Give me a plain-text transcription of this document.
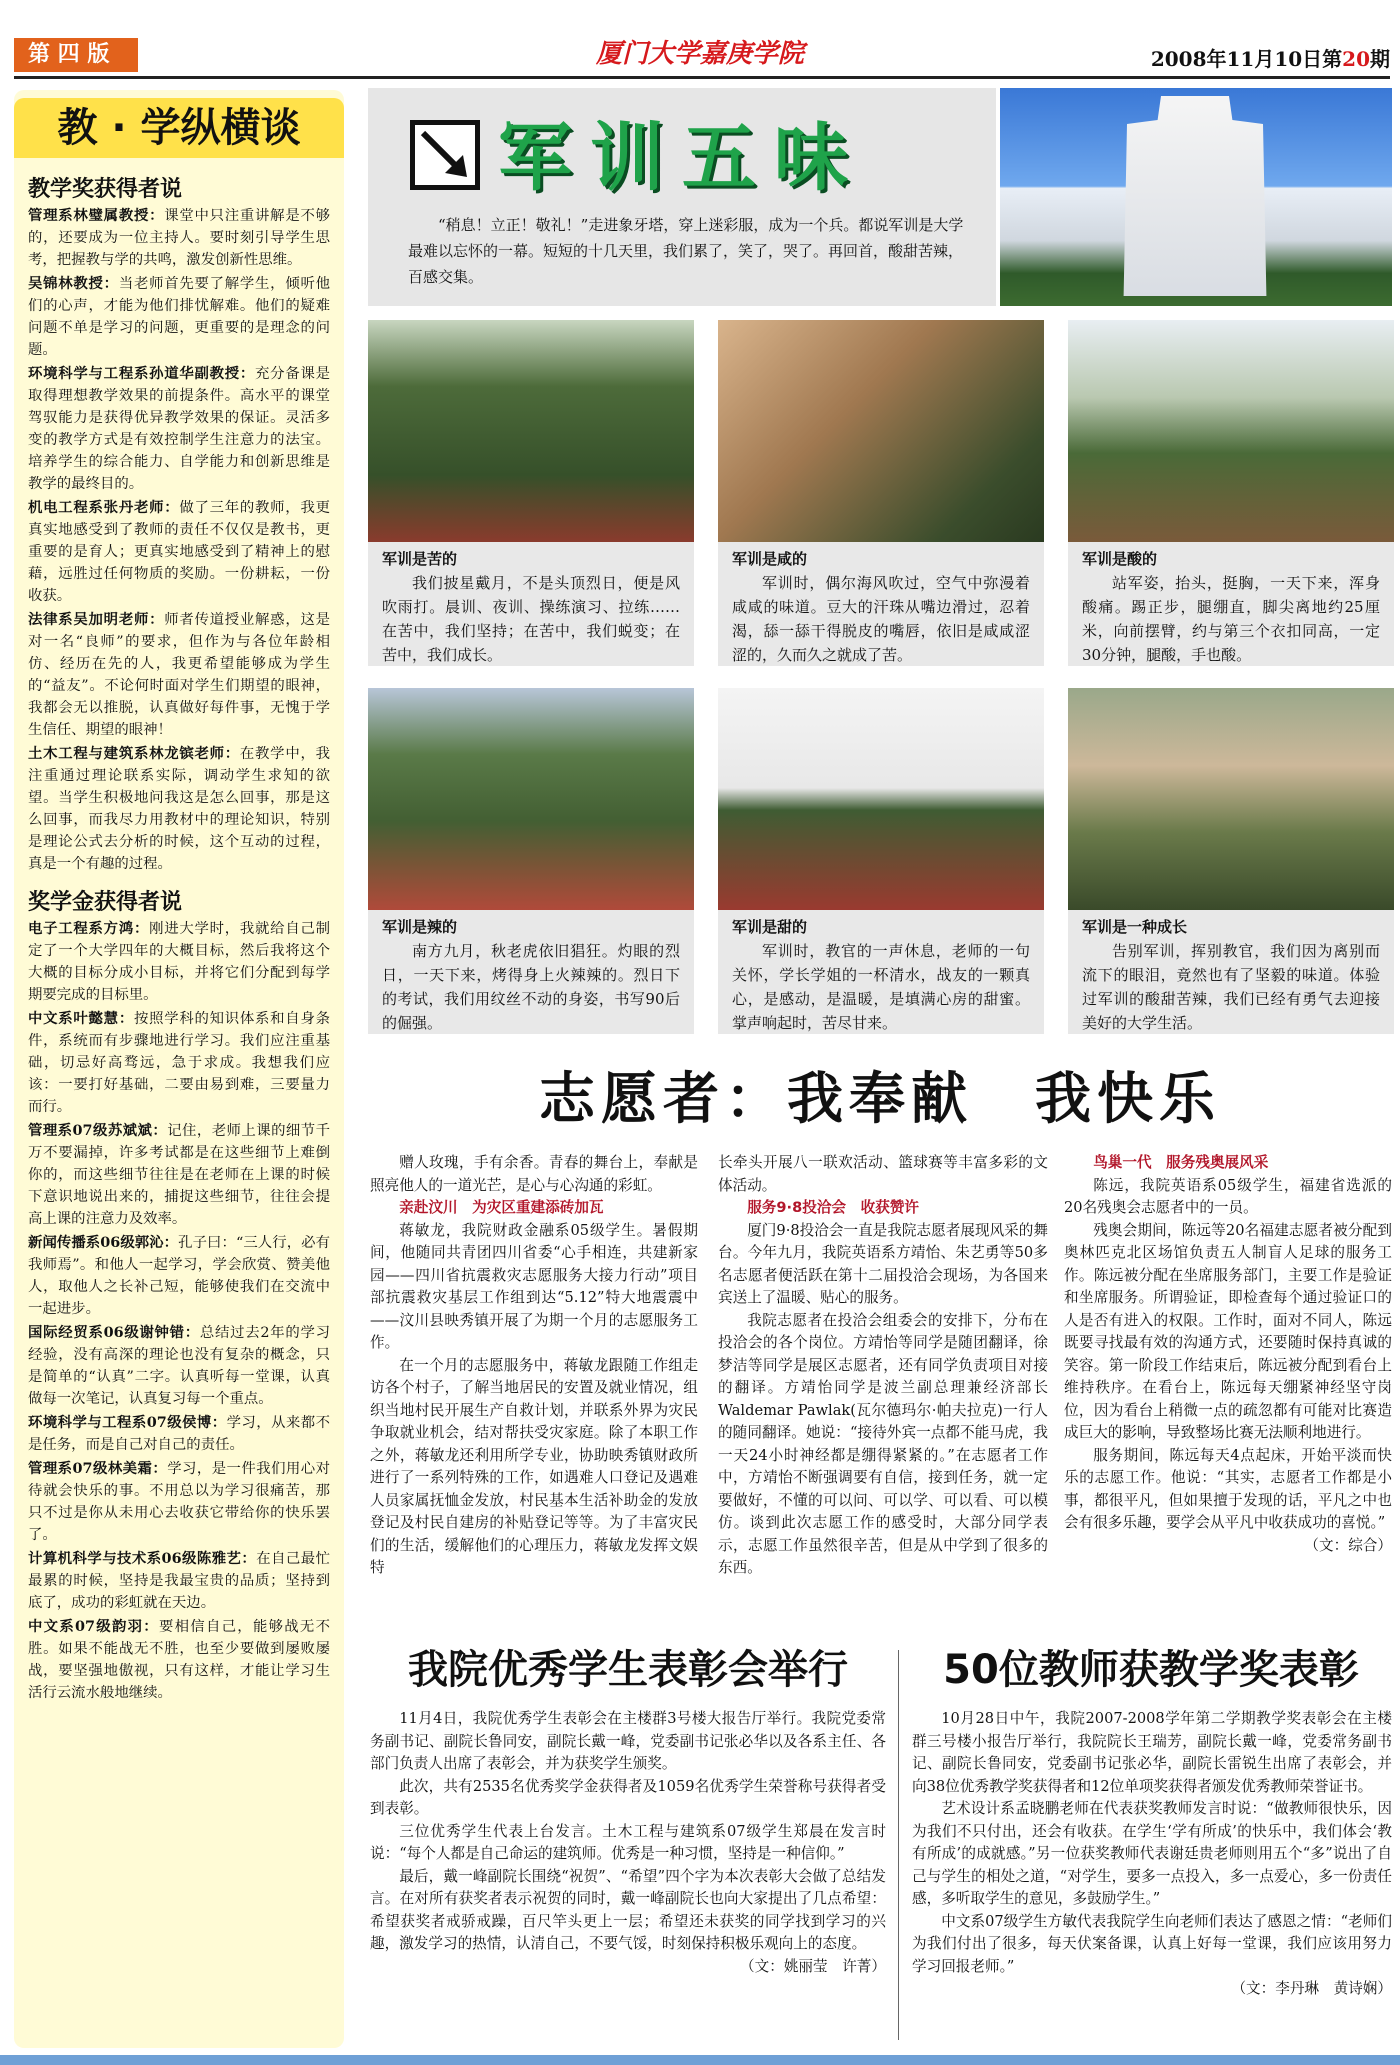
第 四 版	厦门大学嘉庚学院	2008年11月10日第20期
教 · 学纵横谈
教学奖获得者说
管理系林璧属教授：课堂中只注重讲解是不够的，还要成为一位主持人。要时刻引导学生思考，把握教与学的共鸣，激发创新性思维。
吴锦林教授：当老师首先要了解学生，倾听他们的心声，才能为他们排忧解难。他们的疑难问题不单是学习的问题，更重要的是理念的问题。
环境科学与工程系孙道华副教授：充分备课是取得理想教学效果的前提条件。高水平的课堂驾驭能力是获得优异教学效果的保证。灵活多变的教学方式是有效控制学生注意力的法宝。培养学生的综合能力、自学能力和创新思维是教学的最终目的。
机电工程系张丹老师：做了三年的教师，我更真实地感受到了教师的责任不仅仅是教书，更重要的是育人；更真实地感受到了精神上的慰藉，远胜过任何物质的奖励。一份耕耘，一份收获。
法律系吴加明老师：师者传道授业解惑，这是对一名“良师”的要求，但作为与各位年龄相仿、经历在先的人，我更希望能够成为学生的“益友”。不论何时面对学生们期望的眼神，我都会无以推脱，认真做好每件事，无愧于学生信任、期望的眼神！
土木工程与建筑系林龙镔老师：在教学中，我注重通过理论联系实际，调动学生求知的欲望。当学生积极地问我这是怎么回事，那是这么回事，而我尽力用教材中的理论知识，特别是理论公式去分析的时候，这个互动的过程，真是一个有趣的过程。
奖学金获得者说
电子工程系方鸿：刚进大学时，我就给自己制定了一个大学四年的大概目标，然后我将这个大概的目标分成小目标，并将它们分配到每学期要完成的目标里。
中文系叶懿慧：按照学科的知识体系和自身条件，系统而有步骤地进行学习。我们应注重基础，切忌好高骛远，急于求成。我想我们应该：一要打好基础，二要由易到难，三要量力而行。
管理系07级苏斌斌：记住，老师上课的细节千万不要漏掉，许多考试都是在这些细节上难倒你的，而这些细节往往是在老师在上课的时候下意识地说出来的，捕捉这些细节，往往会提高上课的注意力及效率。
新闻传播系06级郭沁：孔子曰：“三人行，必有我师焉”。和他人一起学习，学会欣赏、赞美他人，取他人之长补己短，能够使我们在交流中一起进步。
国际经贸系06级谢钟错：总结过去2年的学习经验，没有高深的理论也没有复杂的概念，只是简单的“认真”二字。认真听每一堂课，认真做每一次笔记，认真复习每一个重点。
环境科学与工程系07级侯博：学习，从来都不是任务，而是自己对自己的责任。
管理系07级林美霜：学习，是一件我们用心对待就会快乐的事。不用总以为学习很痛苦，那只不过是你从未用心去收获它带给你的快乐罢了。
计算机科学与技术系06级陈雅艺：在自己最忙最累的时候，坚持是我最宝贵的品质；坚持到底了，成功的彩虹就在天边。
中文系07级韵羽：要相信自己，能够战无不胜。如果不能战无不胜，也至少要做到屡败屡战，要坚强地傲视，只有这样，才能让学习生活行云流水般地继续。
军训五味
“稍息！立正！敬礼！”走进象牙塔，穿上迷彩服，成为一个兵。都说军训是大学最难以忘怀的一幕。短短的十几天里，我们累了，笑了，哭了。再回首，酸甜苦辣，百感交集。
军训是苦的
我们披星戴月，不是头顶烈日，便是风吹雨打。晨训、夜训、操练演习、拉练……在苦中，我们坚持；在苦中，我们蜕变；在苦中，我们成长。
军训是咸的
军训时，偶尔海风吹过，空气中弥漫着咸咸的味道。豆大的汗珠从嘴边滑过，忍着渴，舔一舔干得脱皮的嘴唇，依旧是咸咸涩涩的，久而久之就成了苦。
军训是酸的
站军姿，抬头，挺胸，一天下来，浑身酸痛。踢正步，腿绷直，脚尖离地约25厘米，向前摆臂，约与第三个衣扣同高，一定30分钟，腿酸，手也酸。
军训是辣的
南方九月，秋老虎依旧猖狂。灼眼的烈日，一天下来，烤得身上火辣辣的。烈日下的考试，我们用纹丝不动的身姿，书写90后的倔强。
军训是甜的
军训时，教官的一声休息，老师的一句关怀，学长学姐的一杯清水，战友的一颗真心，是感动，是温暖，是填满心房的甜蜜。掌声响起时，苦尽甘来。
军训是一种成长
告别军训，挥别教官，我们因为离别而流下的眼泪，竟然也有了坚毅的味道。体验过军训的酸甜苦辣，我们已经有勇气去迎接美好的大学生活。
志愿者：我奉献　我快乐

赠人玫瑰，手有余香。青春的舞台上，奉献是照亮他人的一道光芒，是心与心沟通的彩虹。

亲赴汶川　为灾区重建添砖加瓦

蒋敏龙，我院财政金融系05级学生。暑假期间，他随同共青团四川省委“心手相连，共建新家园——四川省抗震救灾志愿服务大接力行动”项目部抗震救灾基层工作组到达“5.12”特大地震震中——汶川县映秀镇开展了为期一个月的志愿服务工作。

在一个月的志愿服务中，蒋敏龙跟随工作组走访各个村子，了解当地居民的安置及就业情况，组织当地村民开展生产自救计划，并联系外界为灾民争取就业机会，结对帮扶受灾家庭。除了本职工作之外，蒋敏龙还利用所学专业，协助映秀镇财政所进行了一系列特殊的工作，如遇难人口登记及遇难人员家属抚恤金发放，村民基本生活补助金的发放登记及村民自建房的补贴登记等等。为了丰富灾民们的生活，缓解他们的心理压力，蒋敏龙发挥文娱特

长牵头开展八一联欢活动、篮球赛等丰富多彩的文体活动。

服务9·8投洽会　收获赞许

厦门9·8投洽会一直是我院志愿者展现风采的舞台。今年九月，我院英语系方靖怡、朱艺勇等50多名志愿者便活跃在第十二届投洽会现场，为各国来宾送上了温暖、贴心的服务。

我院志愿者在投洽会组委会的安排下，分布在投洽会的各个岗位。方靖怡等同学是随团翻译，徐梦洁等同学是展区志愿者，还有同学负责项目对接的翻译。方靖怡同学是波兰副总理兼经济部长Waldemar Pawlak(瓦尔德玛尔·帕夫拉克)一行人的随同翻译。她说：“接待外宾一点都不能马虎，我一天24小时神经都是绷得紧紧的。”在志愿者工作中，方靖怡不断强调要有自信，接到任务，就一定要做好，不懂的可以问、可以学、可以看、可以模仿。谈到此次志愿工作的感受时，大部分同学表示，志愿工作虽然很辛苦，但是从中学到了很多的东西。

鸟巢一代　服务残奥展风采

陈远，我院英语系05级学生，福建省选派的20名残奥会志愿者中的一员。

残奥会期间，陈远等20名福建志愿者被分配到奥林匹克北区场馆负责五人制盲人足球的服务工作。陈远被分配在坐席服务部门，主要工作是验证和坐席服务。所谓验证，即检查每个通过验证口的人是否有进入的权限。工作时，面对不同人，陈远既要寻找最有效的沟通方式，还要随时保持真诚的笑容。第一阶段工作结束后，陈远被分配到看台上维持秩序。在看台上，陈远每天绷紧神经坚守岗位，因为看台上稍微一点的疏忽都有可能对比赛造成巨大的影响，导致整场比赛无法顺利地进行。

服务期间，陈远每天4点起床，开始平淡而快乐的志愿工作。他说：“其实，志愿者工作都是小事，都很平凡，但如果擅于发现的话，平凡之中也会有很多乐趣，要学会从平凡中收获成功的喜悦。”

（文：综合）

我院优秀学生表彰会举行

11月4日，我院优秀学生表彰会在主楼群3号楼大报告厅举行。我院党委常务副书记、副院长鲁同安，副院长戴一峰，党委副书记张必华以及各系主任、各部门负责人出席了表彰会，并为获奖学生颁奖。

此次，共有2535名优秀奖学金获得者及1059名优秀学生荣誉称号获得者受到表彰。

三位优秀学生代表上台发言。土木工程与建筑系07级学生郑晨在发言时说：“每个人都是自己命运的建筑师。优秀是一种习惯，坚持是一种信仰。”

最后，戴一峰副院长围绕“祝贺”、“希望”四个字为本次表彰大会做了总结发言。在对所有获奖者表示祝贺的同时，戴一峰副院长也向大家提出了几点希望：希望获奖者戒骄戒躁，百尺竿头更上一层；希望还未获奖的同学找到学习的兴趣，激发学习的热情，认清自己，不要气馁，时刻保持积极乐观向上的态度。

（文：姚丽莹　许菁）

50位教师获教学奖表彰

10月28日中午，我院2007-2008学年第二学期教学奖表彰会在主楼群三号楼小报告厅举行，我院院长王瑞芳，副院长戴一峰，党委常务副书记、副院长鲁同安，党委副书记张必华，副院长雷锐生出席了表彰会，并向38位优秀教学奖获得者和12位单项奖获得者颁发优秀教师荣誉证书。

艺术设计系孟晓鹏老师在代表获奖教师发言时说：“做教师很快乐，因为我们不只付出，还会有收获。在学生‘学有所成’的快乐中，我们体会‘教有所成’的成就感。”另一位获奖教师代表谢廷贵老师则用五个“多”说出了自己与学生的相处之道，“对学生，要多一点投入，多一点爱心，多一份责任感，多听取学生的意见，多鼓励学生。”

中文系07级学生方敏代表我院学生向老师们表达了感恩之情：“老师们为我们付出了很多，每天伏案备课，认真上好每一堂课，我们应该用努力学习回报老师。”

（文：李丹琳　黄诗娴）
